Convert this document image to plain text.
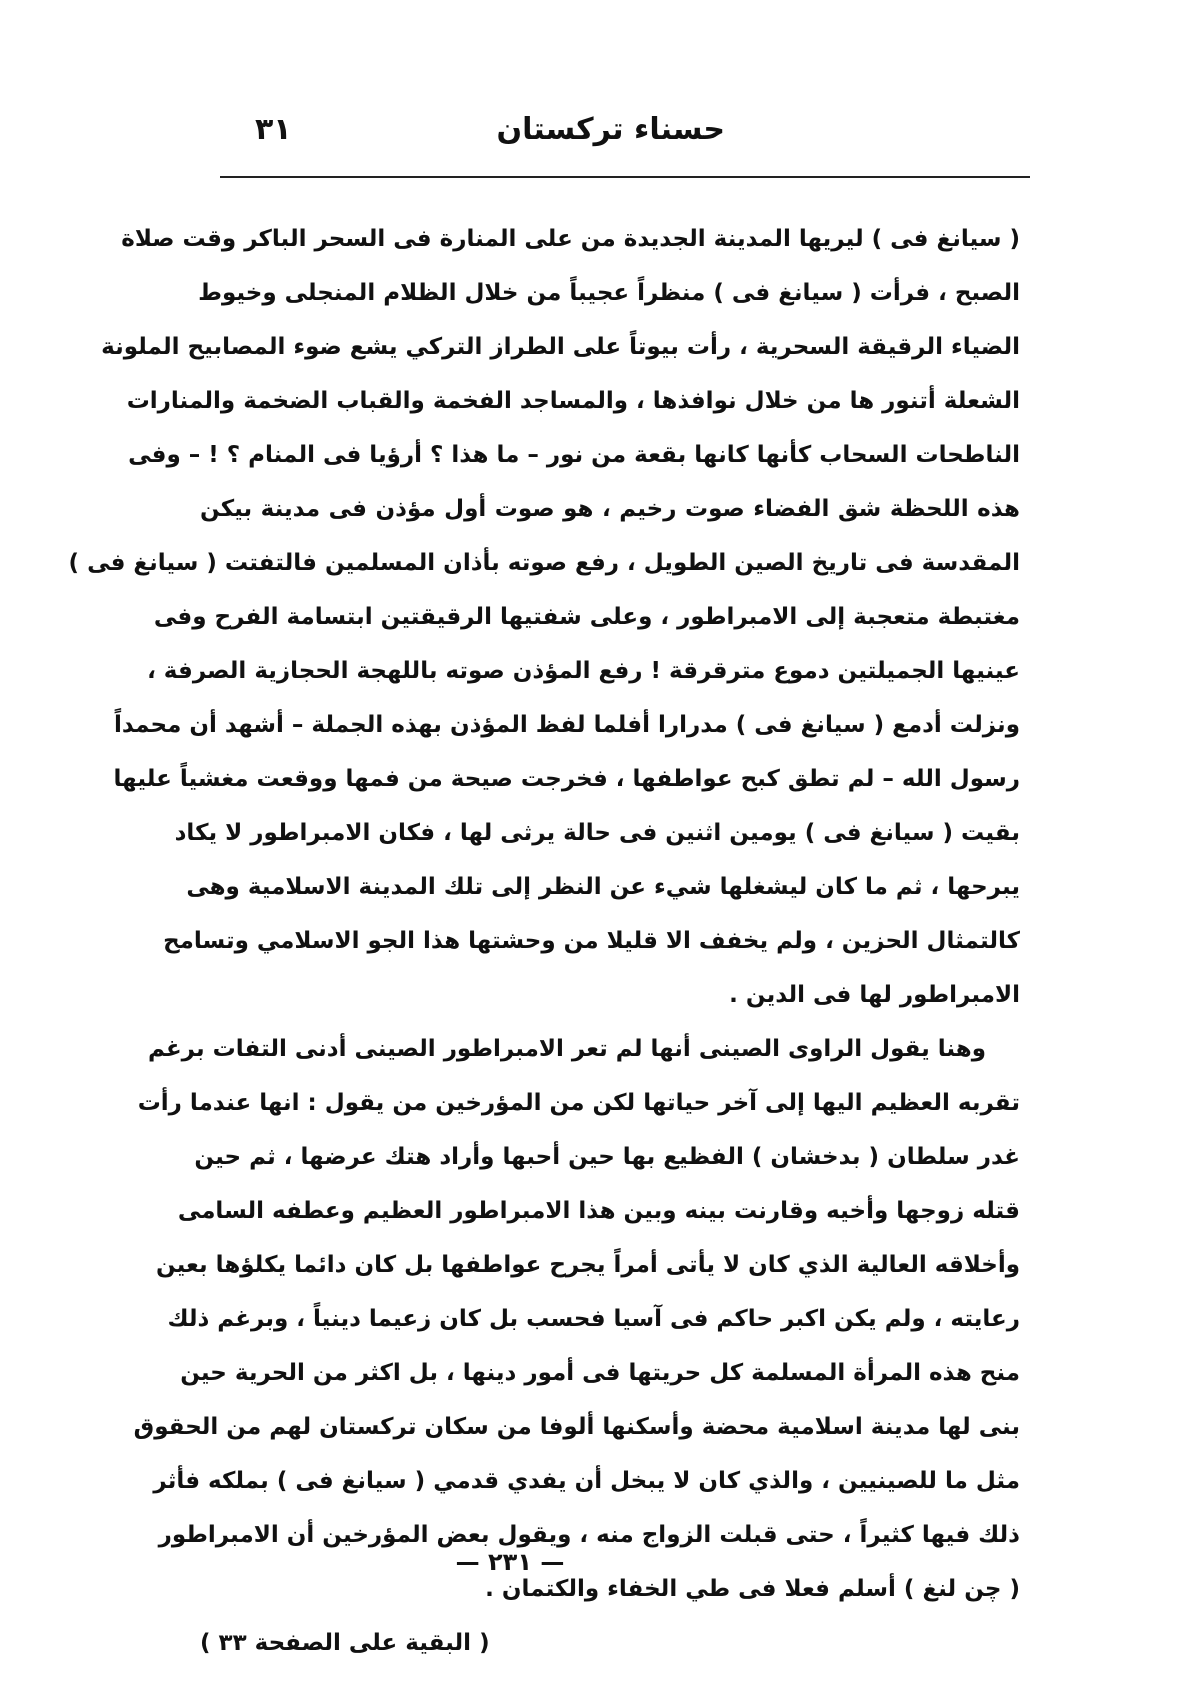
حسناء تركستان
٣١
( سيانغ فى ) ليريها المدينة الجديدة من على المنارة فى السحر الباكر وقت صلاة
الصبح ، فرأت ( سيانغ فى ) منظراً عجيباً من خلال الظلام المنجلى وخيوط
الضياء الرقيقة السحرية ، رأت بيوتاً على الطراز التركي يشع ضوء المصابيح الملونة
الشعلة أتنور ها من خلال نوافذها ، والمساجد الفخمة والقباب الضخمة والمنارات
الناطحات السحاب كأنها كانها بقعة من نور – ما هذا ؟ أرؤيا فى المنام ؟ ! – وفى
هذه اللحظة شق الفضاء صوت رخيم ، هو صوت أول مؤذن فى مدينة بيكن
المقدسة فى تاريخ الصين الطويل ، رفع صوته بأذان المسلمين فالتفتت ( سيانغ فى )
مغتبطة متعجبة إلى الامبراطور ، وعلى شفتيها الرقيقتين ابتسامة الفرح وفى
عينيها الجميلتين دموع مترقرقة ! رفع المؤذن صوته باللهجة الحجازية الصرفة ،
ونزلت أدمع ( سيانغ فى ) مدرارا أفلما لفظ المؤذن بهذه الجملة – أشهد أن محمداً
رسول الله – لم تطق كبح عواطفها ، فخرجت صيحة من فمها ووقعت مغشياً عليها
بقيت ( سيانغ فى ) يومين اثنين فى حالة يرثى لها ، فكان الامبراطور لا يكاد
يبرحها ، ثم ما كان ليشغلها شيء عن النظر إلى تلك المدينة الاسلامية وهى
كالتمثال الحزين ، ولم يخفف الا قليلا من وحشتها هذا الجو الاسلامي وتسامح
الامبراطور لها فى الدين .
وهنا يقول الراوى الصينى أنها لم تعر الامبراطور الصينى أدنى التفات برغم
تقربه العظيم اليها إلى آخر حياتها لكن من المؤرخين من يقول : انها عندما رأت
غدر سلطان ( بدخشان ) الفظيع بها حين أحبها وأراد هتك عرضها ، ثم حين
قتله زوجها وأخيه وقارنت بينه وبين هذا الامبراطور العظيم وعطفه السامى
وأخلاقه العالية الذي كان لا يأتى أمراً يجرح عواطفها بل كان دائما يكلؤها بعين
رعايته ، ولم يكن اكبر حاكم فى آسيا فحسب بل كان زعيما دينياً ، وبرغم ذلك
منح هذه المرأة المسلمة كل حريتها فى أمور دينها ، بل اكثر من الحرية حين
بنى لها مدينة اسلامية محضة وأسكنها ألوفا من سكان تركستان لهم من الحقوق
مثل ما للصينيين ، والذي كان لا يبخل أن يفدي قدمي ( سيانغ فى ) بملكه فأثر
ذلك فيها كثيراً ، حتى قبلت الزواج منه ، ويقول بعض المؤرخين أن الامبراطور
( چن لنغ ) أسلم فعلا فى طي الخفاء والكتمان .
( البقية على الصفحة ٣٣ )
— ٢٣١ —
